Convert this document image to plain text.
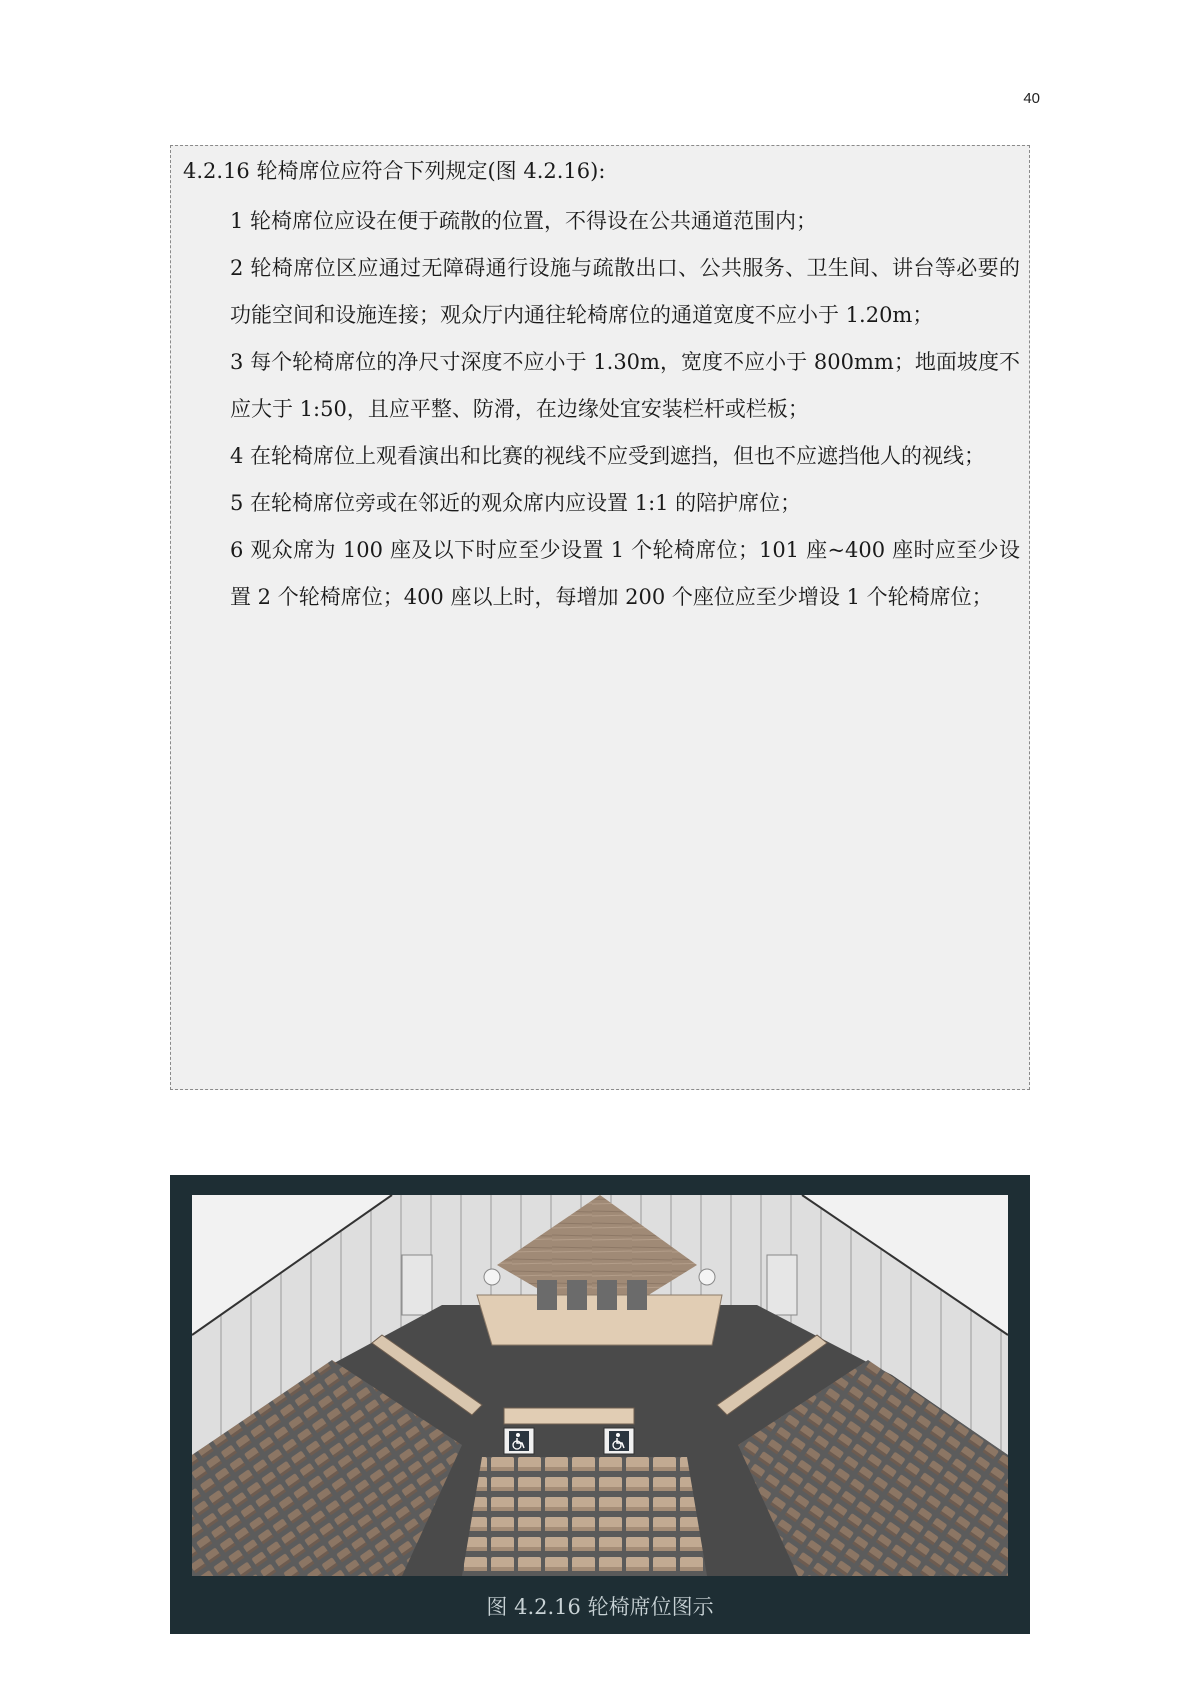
40
4.2.16 轮椅席位应符合下列规定(图 4.2.16):

1 轮椅席位应设在便于疏散的位置，不得设在公共通道范围内；

2 轮椅席位区应通过无障碍通行设施与疏散出口、公共服务、卫生间、讲台等必要的功能空间和设施连接；观众厅内通往轮椅席位的通道宽度不应小于 1.20m；

3 每个轮椅席位的净尺寸深度不应小于 1.30m，宽度不应小于 800mm；地面坡度不应大于 1:50，且应平整、防滑，在边缘处宜安装栏杆或栏板；

4 在轮椅席位上观看演出和比赛的视线不应受到遮挡，但也不应遮挡他人的视线；

5 在轮椅席位旁或在邻近的观众席内应设置 1:1 的陪护席位；

6 观众席为 100 座及以下时应至少设置 1 个轮椅席位；101 座~400 座时应至少设置 2 个轮椅席位；400 座以上时，每增加 200 个座位应至少增设 1 个轮椅席位；

图 4.2.16 轮椅席位图示
